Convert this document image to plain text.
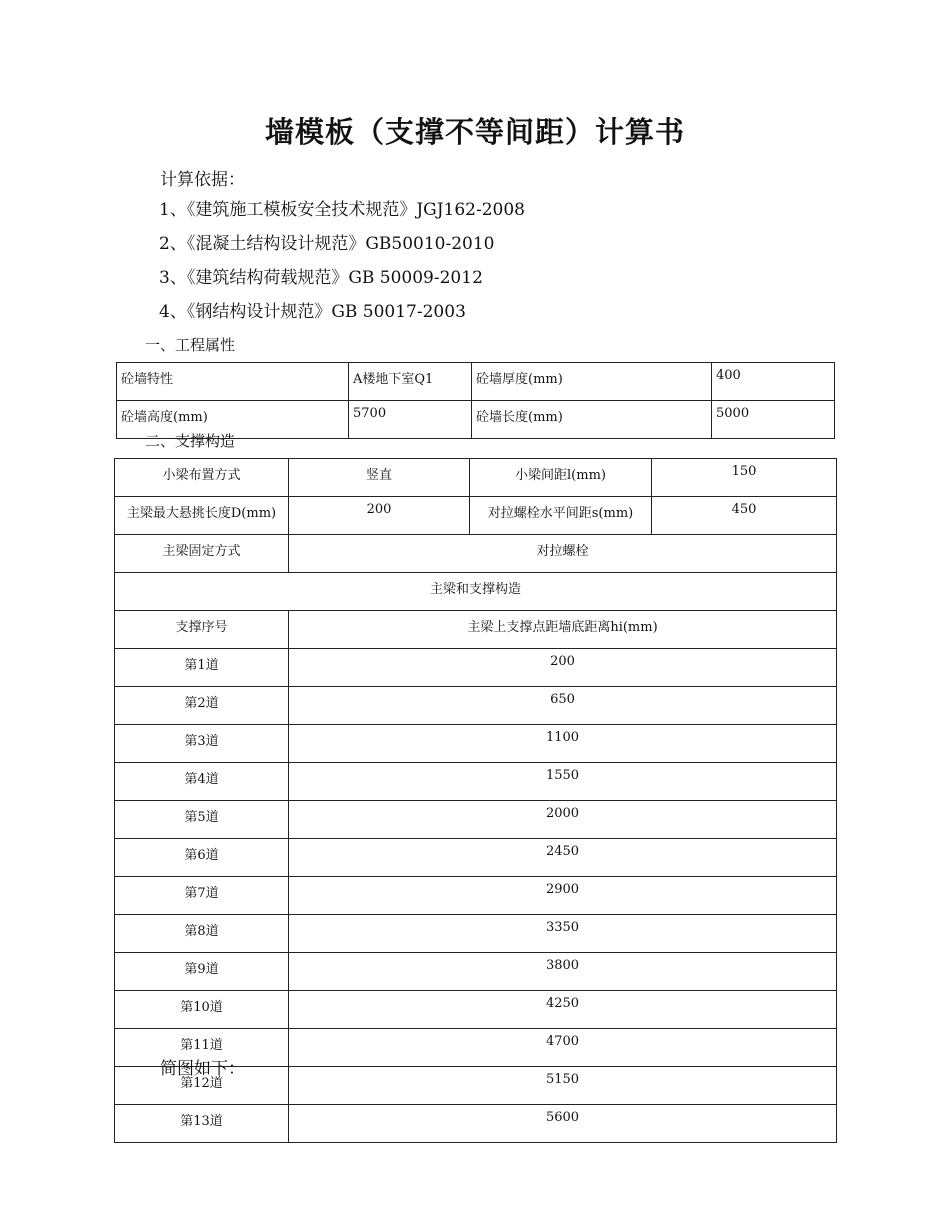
墙模板（支撑不等间距）计算书
计算依据：
1、《建筑施工模板安全技术规范》JGJ162-2008
2、《混凝土结构设计规范》GB50010-2010
3、《建筑结构荷载规范》GB 50009-2012
4、《钢结构设计规范》GB 50017-2003
一、工程属性
砼墙特性	A楼地下室Q1	砼墙厚度(mm)	400
砼墙高度(mm)	5700	砼墙长度(mm)	5000
二、支撑构造
小梁布置方式	竖直	小梁间距l(mm)	150
主梁最大悬挑长度D(mm)	200	对拉螺栓水平间距s(mm)	450
主梁固定方式	对拉螺栓		
主梁和支撑构造			
支撑序号	主梁上支撑点距墙底距离hi(mm)		
第1道	200		
第2道	650		
第3道	1100		
第4道	1550		
第5道	2000		
第6道	2450		
第7道	2900		
第8道	3350		
第9道	3800		
第10道	4250		
第11道	4700		
第12道	5150		
第13道	5600		
简图如下：
